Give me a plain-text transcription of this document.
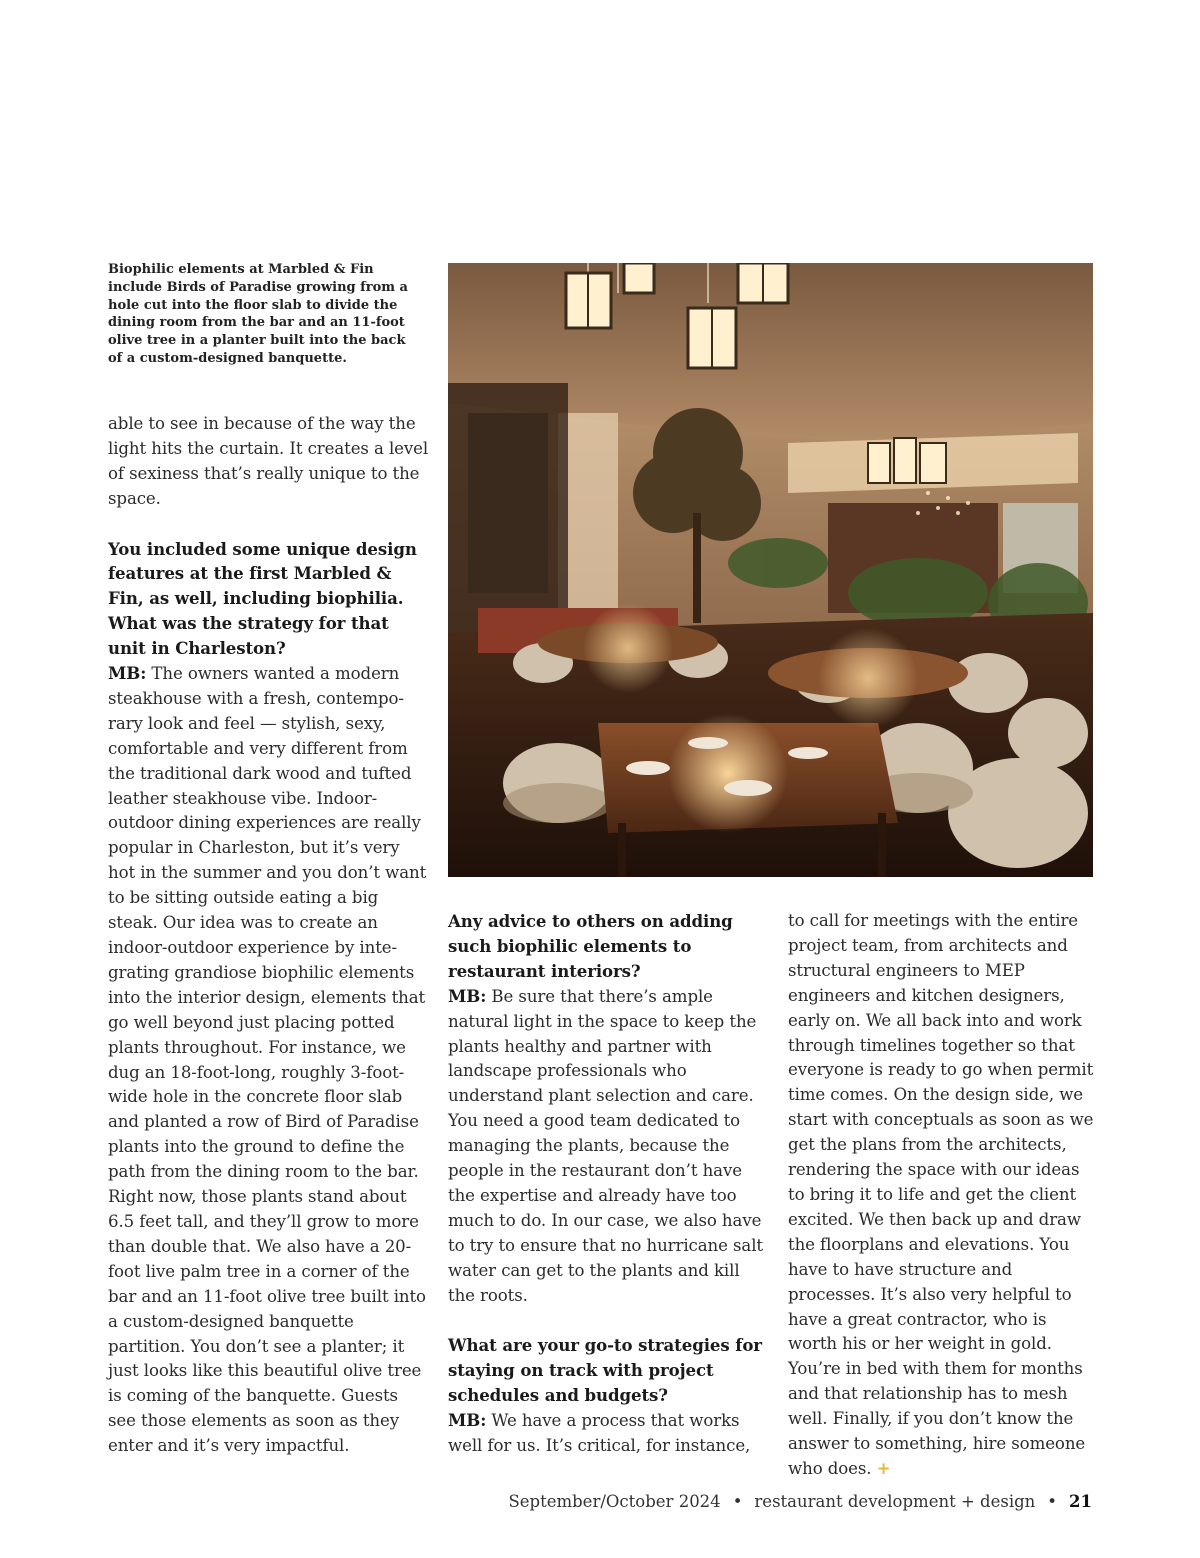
Biophilic elements at Marbled & Fin include Birds of Paradise growing from a hole cut into the floor slab to divide the dining room from the bar and an 11-foot olive tree in a planter built into the back of a custom-designed banquette.

able to see in because of the way the light hits the curtain. It creates a level of sexiness that’s really unique to the space.

You included some unique design features at the first Marbled & Fin, as well, including biophilia. What was the strategy for that unit in Charleston?

MB: The owners wanted a modern steakhouse with a fresh, contemporary look and feel — stylish, sexy, comfortable and very different from the traditional dark wood and tufted leather steakhouse vibe. Indoor-outdoor dining experiences are really popular in Charleston, but it’s very hot in the summer and you don’t want to be sitting outside eating a big steak. Our idea was to create an indoor-outdoor experience by integrating grandiose biophilic elements into the interior design, elements that go well beyond just placing potted plants throughout. For instance, we dug an 18-foot-long, roughly 3-foot-wide hole in the concrete floor slab and planted a row of Bird of Paradise plants into the ground to define the path from the dining room to the bar. Right now, those plants stand about 6.5 feet tall, and they’ll grow to more than double that. We also have a 20-foot live palm tree in a corner of the bar and an 11-foot olive tree built into a custom-designed banquette partition. You don’t see a planter; it just looks like this beautiful olive tree is coming of the banquette. Guests see those elements as soon as they enter and it’s very impactful.

Any advice to others on adding such biophilic elements to restaurant interiors?

MB: Be sure that there’s ample natural light in the space to keep the plants healthy and partner with landscape professionals who understand plant selection and care. You need a good team dedicated to managing the plants, because the people in the restaurant don’t have the expertise and already have too much to do. In our case, we also have to try to ensure that no hurricane salt water can get to the plants and kill the roots.

What are your go-to strategies for staying on track with project schedules and budgets?

MB: We have a process that works well for us. It’s critical, for instance,

to call for meetings with the entire project team, from architects and structural engineers to MEP engineers and kitchen designers, early on. We all back into and work through timelines together so that everyone is ready to go when permit time comes. On the design side, we start with conceptuals as soon as we get the plans from the architects, rendering the space with our ideas to bring it to life and get the client excited. We then back up and draw the floorplans and elevations. You have to have structure and processes. It’s also very helpful to have a great contractor, who is worth his or her weight in gold. You’re in bed with them for months and that relationship has to mesh well. Finally, if you don’t know the answer to something, hire someone who does. +

September/October 2024 • restaurant development + design • 21
